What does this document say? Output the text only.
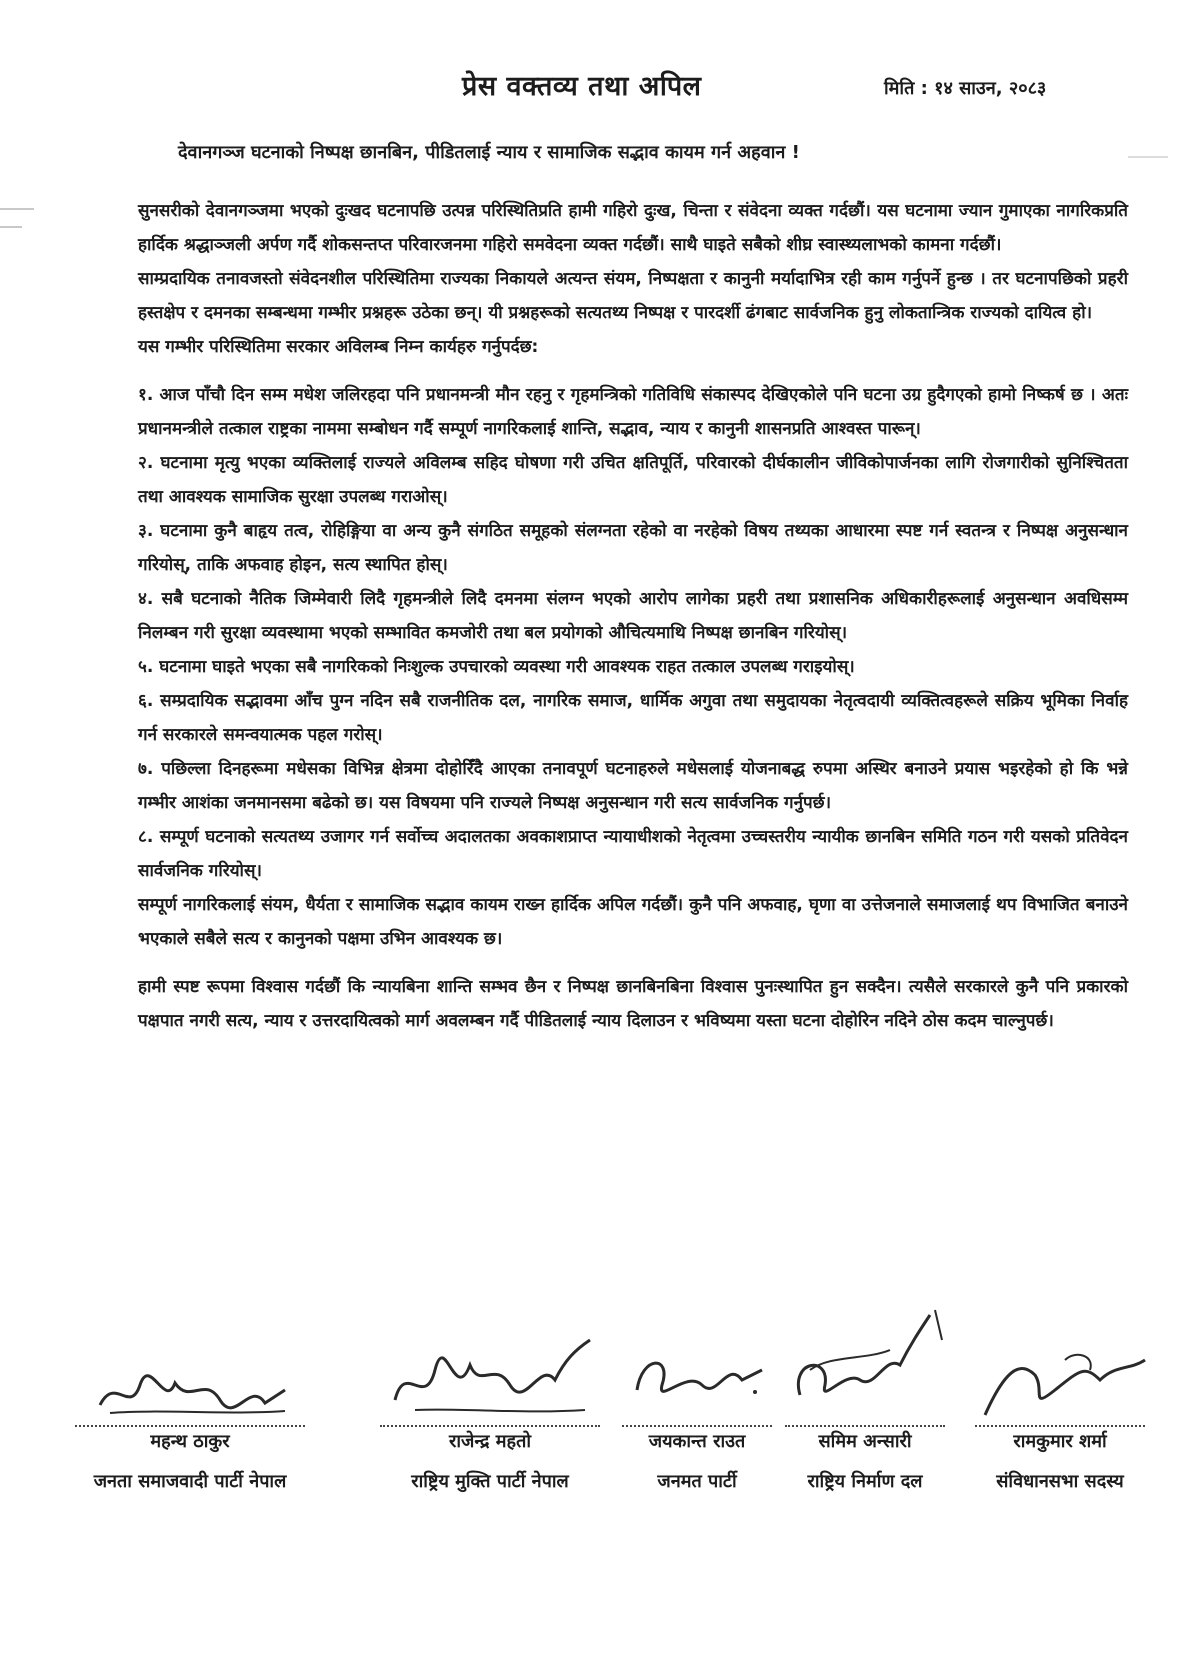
प्रेस वक्तव्य तथा अपिल	मिति : १४ साउन, २०८३
देवानगञ्ज घटनाको निष्पक्ष छानबिन, पीडितलाई न्याय र सामाजिक सद्भाव कायम गर्न अहवान !

सुनसरीको देवानगञ्जमा भएको दुःखद घटनापछि उत्पन्न परिस्थितिप्रति हामी गहिरो दुःख, चिन्ता र संवेदना व्यक्त गर्दछौं। यस घटनामा ज्यान गुमाएका नागरिकप्रति हार्दिक श्रद्धाञ्जली अर्पण गर्दै शोकसन्तप्त परिवारजनमा गहिरो समवेदना व्यक्त गर्दछौं। साथै घाइते सबैको शीघ्र स्वास्थ्यलाभको कामना गर्दछौं।

साम्प्रदायिक तनावजस्तो संवेदनशील परिस्थितिमा राज्यका निकायले अत्यन्त संयम, निष्पक्षता र कानुनी मर्यादाभित्र रही काम गर्नुपर्ने हुन्छ । तर घटनापछिको प्रहरी हस्तक्षेप र दमनका सम्बन्धमा गम्भीर प्रश्नहरू उठेका छन्। यी प्रश्नहरूको सत्यतथ्य निष्पक्ष र पारदर्शी ढंगबाट सार्वजनिक हुनु लोकतान्त्रिक राज्यको दायित्व हो।

यस गम्भीर परिस्थितिमा सरकार अविलम्ब निम्न कार्यहरु गर्नुपर्दछ:

१. आज पाँचौ दिन सम्म मधेश जलिरहदा पनि प्रधानमन्त्री मौन रहनु र गृहमन्त्रिको गतिविधि संकास्पद देखिएकोले पनि घटना उग्र हुदैगएको हामो निष्कर्ष छ । अतः प्रधानमन्त्रीले तत्काल राष्ट्रका नाममा सम्बोधन गर्दै सम्पूर्ण नागरिकलाई शान्ति, सद्भाव, न्याय र कानुनी शासनप्रति आश्वस्त पारून्।

२. घटनामा मृत्यु भएका व्यक्तिलाई राज्यले अविलम्ब सहिद घोषणा गरी उचित क्षतिपूर्ति, परिवारको दीर्घकालीन जीविकोपार्जनका लागि रोजगारीको सुनिश्चितता तथा आवश्यक सामाजिक सुरक्षा उपलब्ध गराओस्।

३. घटनामा कुनै बाहृय तत्व, रोहिङ्गिया वा अन्य कुनै संगठित समूहको संलग्नता रहेको वा नरहेको विषय तथ्यका आधारमा स्पष्ट गर्न स्वतन्त्र र निष्पक्ष अनुसन्धान गरियोस्, ताकि अफवाह होइन, सत्य स्थापित होस्।

४. सबै घटनाको नैतिक जिम्मेवारी लिदै गृहमन्त्रीले लिदै दमनमा संलग्न भएको आरोप लागेका प्रहरी तथा प्रशासनिक अधिकारीहरूलाई अनुसन्धान अवधिसम्म निलम्बन गरी सुरक्षा व्यवस्थामा भएको सम्भावित कमजोरी तथा बल प्रयोगको औचित्यमाथि निष्पक्ष छानबिन गरियोस्।

५. घटनामा घाइते भएका सबै नागरिकको निःशुल्क उपचारको व्यवस्था गरी आवश्यक राहत तत्काल उपलब्ध गराइयोस्।

६. सम्प्रदायिक सद्भावमा आँच पुग्न नदिन सबै राजनीतिक दल, नागरिक समाज, धार्मिक अगुवा तथा समुदायका नेतृत्वदायी व्यक्तित्वहरूले सक्रिय भूमिका निर्वाह गर्न सरकारले समन्वयात्मक पहल गरोस्।

७. पछिल्ला दिनहरूमा मधेसका विभिन्न क्षेत्रमा दोहोरिँदै आएका तनावपूर्ण घटनाहरुले मधेसलाई योजनाबद्ध रुपमा अस्थिर बनाउने प्रयास भइरहेको हो कि भन्ने गम्भीर आशंका जनमानसमा बढेको छ। यस विषयमा पनि राज्यले निष्पक्ष अनुसन्धान गरी सत्य सार्वजनिक गर्नुपर्छ।

८. सम्पूर्ण घटनाको सत्यतथ्य उजागर गर्न सर्वोच्च अदालतका अवकाशप्राप्त न्यायाधीशको नेतृत्वमा उच्चस्तरीय न्यायीक छानबिन समिति गठन गरी यसको प्रतिवेदन सार्वजनिक गरियोस्।

सम्पूर्ण नागरिकलाई संयम, धैर्यता र सामाजिक सद्भाव कायम राख्न हार्दिक अपिल गर्दछौं। कुनै पनि अफवाह, घृणा वा उत्तेजनाले समाजलाई थप विभाजित बनाउने भएकाले सबैले सत्य र कानुनको पक्षमा उभिन आवश्यक छ।

हामी स्पष्ट रूपमा विश्वास गर्दछौं कि न्यायबिना शान्ति सम्भव छैन र निष्पक्ष छानबिनबिना विश्वास पुनःस्थापित हुन सक्दैन। त्यसैले सरकारले कुनै पनि प्रकारको पक्षपात नगरी सत्य, न्याय र उत्तरदायित्वको मार्ग अवलम्बन गर्दै पीडितलाई न्याय दिलाउन र भविष्यमा यस्ता घटना दोहोरिन नदिने ठोस कदम चाल्नुपर्छ।

महन्थ ठाकुर
जनता समाजवादी पार्टी नेपाल
राजेन्द्र महतो
राष्ट्रिय मुक्ति पार्टी नेपाल
जयकान्त राउत
जनमत पार्टी
समिम अन्सारी
राष्ट्रिय निर्माण दल
रामकुमार शर्मा
संविधानसभा सदस्य
